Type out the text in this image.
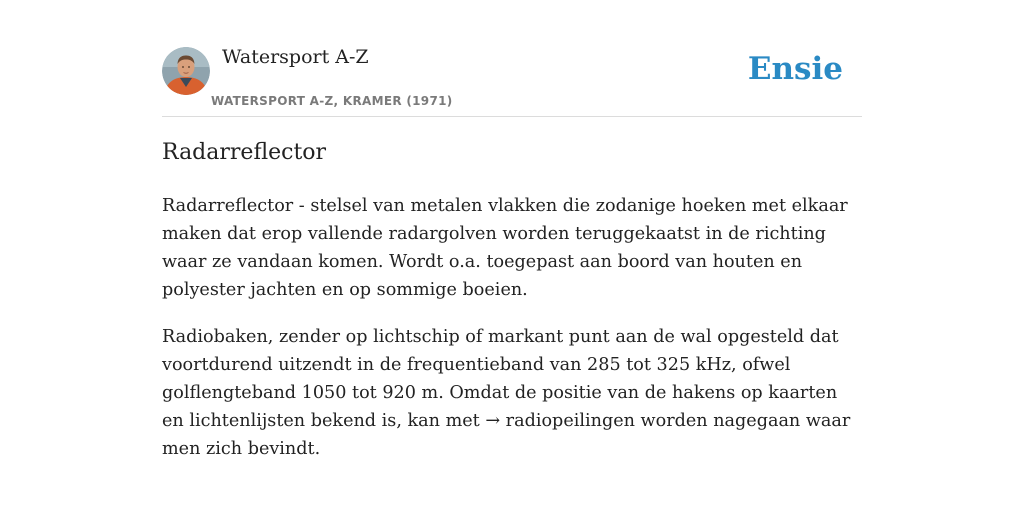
Watersport A-Z
WATERSPORT A-Z, KRAMER (1971)
Ensie
Radarreflector

Radarreflector - stelsel van metalen vlakken die zodanige hoeken met elkaar maken dat erop vallende radargolven worden teruggekaatst in de richting waar ze vandaan komen. Wordt o.a. toegepast aan boord van houten en polyester jachten en op sommige boeien.

Radiobaken, zender op lichtschip of markant punt aan de wal opgesteld dat voortdurend uitzendt in de frequentieband van 285 tot 325 kHz, ofwel golflengteband 1050 tot 920 m. Omdat de positie van de hakens op kaarten en lichtenlijsten bekend is, kan met → radiopeilingen worden nagegaan waar men zich bevindt.
